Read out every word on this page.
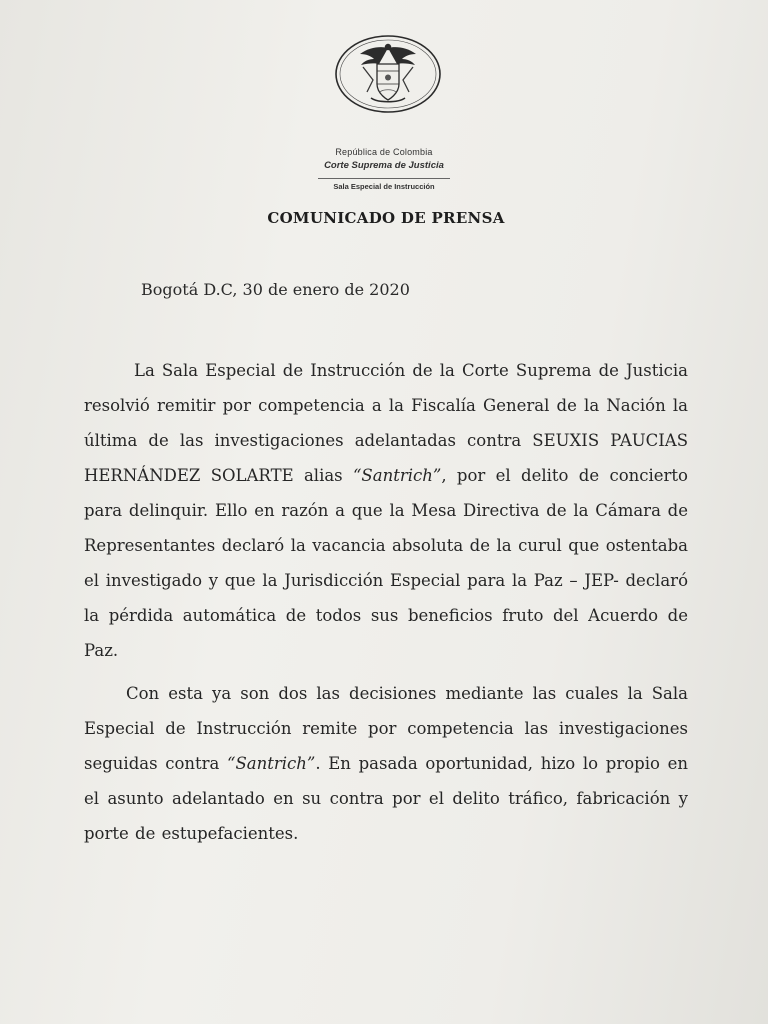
República de Colombia
Corte Suprema de Justicia
Sala Especial de Instrucción
COMUNICADO DE PRENSA
Bogotá D.C, 30 de enero de 2020
La Sala Especial de Instrucción de la Corte Suprema de Justicia resolvió remitir por competencia a la Fiscalía General de la Nación la última de las investigaciones adelantadas contra SEUXIS PAUCIAS HERNÁNDEZ SOLARTE alias “Santrich”, por el delito de concierto para delinquir. Ello en razón a que la Mesa Directiva de la Cámara de Representantes declaró la vacancia absoluta de la curul que ostentaba el investigado y que la Jurisdicción Especial para la Paz – JEP- declaró la pérdida automática de todos sus beneficios fruto del Acuerdo de Paz.
Con esta ya son dos las decisiones mediante las cuales la Sala Especial de Instrucción remite por competencia las investigaciones seguidas contra “Santrich”. En pasada oportunidad, hizo lo propio en el asunto adelantado en su contra por el delito tráfico, fabricación y porte de estupefacientes.
